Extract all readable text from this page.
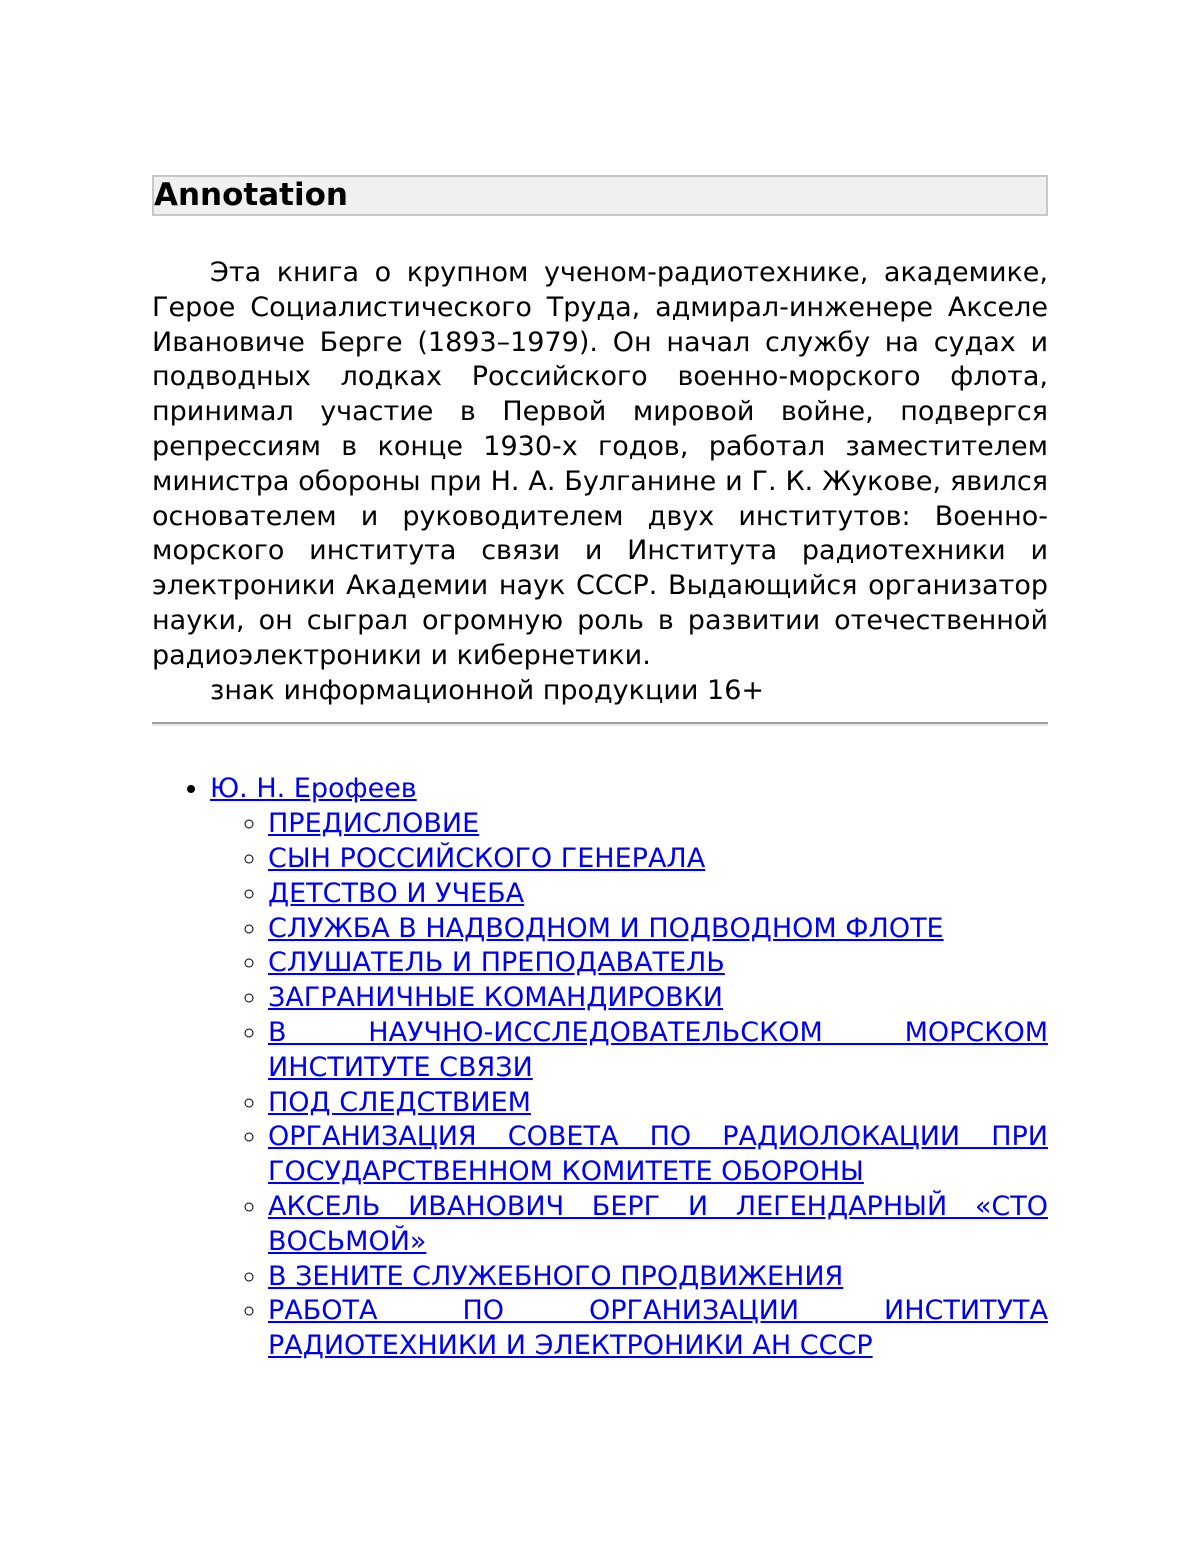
Annotation

Эта книга о крупном ученом-радиотехнике, академике, Герое Социалистического Труда, адмирал-инженере Акселе Ивановиче Берге (1893–1979). Он начал службу на судах и подводных лодках Российского военно-морского флота, принимал участие в Первой мировой войне, подвергся репрессиям в конце 1930-х годов, работал заместителем министра обороны при Н. А. Булганине и Г. К. Жукове, явился основателем и руководителем двух институтов: Военно-морского института связи и Института радиотехники и электроники Академии наук СССР. Выдающийся организатор науки, он сыграл огромную роль в развитии отечественной радиоэлектроники и кибернетики.

знак информационной продукции 16+

• Ю. Н. Ерофеев
◦ ПРЕДИСЛОВИЕ
◦ СЫН РОССИЙСКОГО ГЕНЕРАЛА
◦ ДЕТСТВО И УЧЕБА
◦ СЛУЖБА В НАДВОДНОМ И ПОДВОДНОМ ФЛОТЕ
◦ СЛУШАТЕЛЬ И ПРЕПОДАВАТЕЛЬ
◦ ЗАГРАНИЧНЫЕ КОМАНДИРОВКИ
◦ В НАУЧНО-ИССЛЕДОВАТЕЛЬСКОМ МОРСКОМ ИНСТИТУТЕ СВЯЗИ
◦ ПОД СЛЕДСТВИЕМ
◦ ОРГАНИЗАЦИЯ СОВЕТА ПО РАДИОЛОКАЦИИ ПРИ ГОСУДАРСТВЕННОМ КОМИТЕТЕ ОБОРОНЫ
◦ АКСЕЛЬ ИВАНОВИЧ БЕРГ И ЛЕГЕНДАРНЫЙ «СТО ВОСЬМОЙ»
◦ В ЗЕНИТЕ СЛУЖЕБНОГО ПРОДВИЖЕНИЯ
◦ РАБОТА ПО ОРГАНИЗАЦИИ ИНСТИТУТА РАДИОТЕХНИКИ И ЭЛЕКТРОНИКИ АН СССР
